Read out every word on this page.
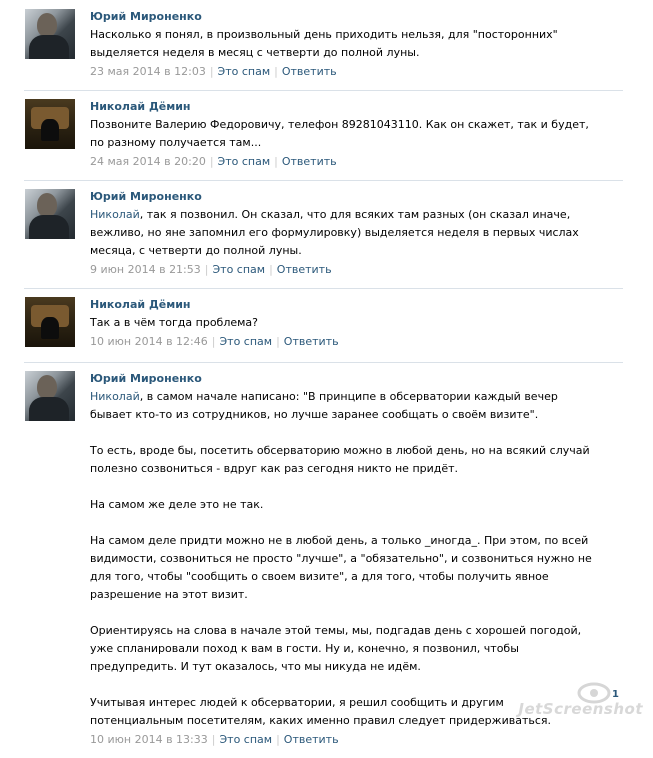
Юрий Мироненко

Насколько я понял, в произвольный день приходить нельзя, для "посторонних" выделяется неделя в месяц с четверти до полной луны.

23 мая 2014 в 12:03 | Это спам | Ответить
Николай Дёмин

Позвоните Валерию Федоровичу, телефон 89281043110. Как он скажет, так и будет, по разному получается там...

24 мая 2014 в 20:20 | Это спам | Ответить
Юрий Мироненко

Николай, так я позвонил. Он сказал, что для всяких там разных (он сказал иначе, вежливо, но яне запомнил его формулировку) выделяется неделя в первых числах месяца, с четверти до полной луны.

9 июн 2014 в 21:53 | Это спам | Ответить
Николай Дёмин

Так а в чём тогда проблема?

10 июн 2014 в 12:46 | Это спам | Ответить
Юрий Мироненко

Николай, в самом начале написано: "В принципе в обсерватории каждый вечер бывает кто-то из сотрудников, но лучше заранее сообщать о своём визите".

То есть, вроде бы, посетить обсерваторию можно в любой день, но на всякий случай полезно созвониться - вдруг как раз сегодня никто не придёт.

На самом же деле это не так.

На самом деле придти можно не в любой день, а только _иногда_. При этом, по всей видимости, созвониться не просто "лучше", а "обязательно", и созвониться нужно не для того, чтобы "сообщить о своем визите", а для того, чтобы получить явное разрешение на этот визит.

Ориентируясь на слова в начале этой темы, мы, подгадав день с хорошей погодой, уже спланировали поход к вам в гости. Ну и, конечно, я позвонил, чтобы предупредить. И тут оказалось, что мы никуда не идём.

Учитывая интерес людей к обсерватории, я решил сообщить и другим потенциальным посетителям, каких именно правил следует придерживаться.

10 июн 2014 в 13:33 | Это спам | Ответить
1
JetScreenshot
